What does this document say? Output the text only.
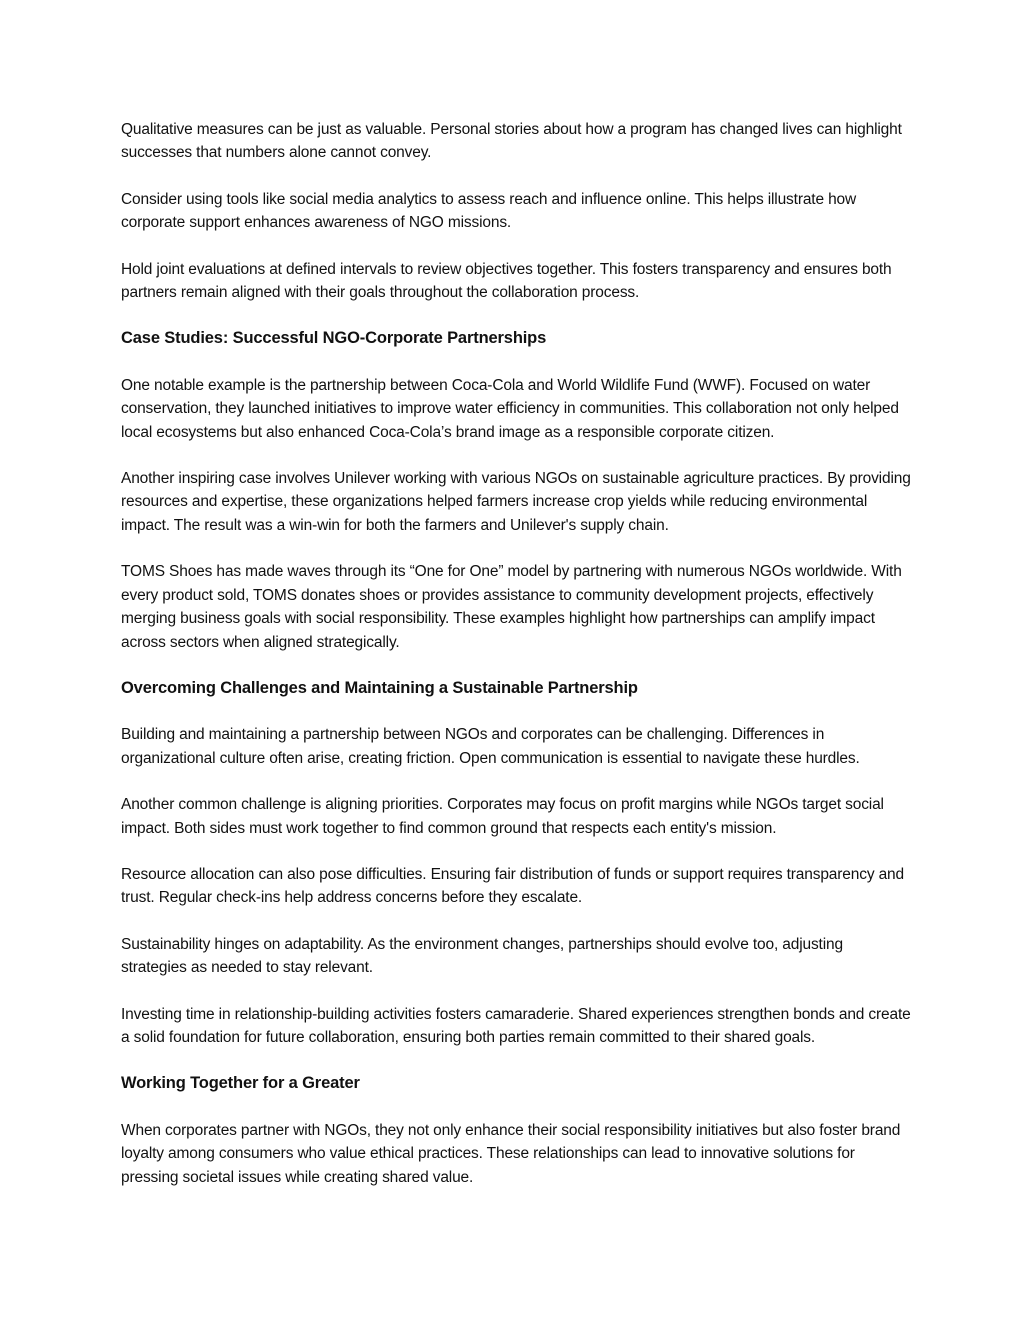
Qualitative measures can be just as valuable. Personal stories about how a program has changed lives can highlight successes that numbers alone cannot convey.

Consider using tools like social media analytics to assess reach and influence online. This helps illustrate how corporate support enhances awareness of NGO missions.

Hold joint evaluations at defined intervals to review objectives together. This fosters transparency and ensures both partners remain aligned with their goals throughout the collaboration process.

Case Studies: Successful NGO-Corporate Partnerships

One notable example is the partnership between Coca-Cola and World Wildlife Fund (WWF). Focused on water conservation, they launched initiatives to improve water efficiency in communities. This collaboration not only helped local ecosystems but also enhanced Coca-Cola’s brand image as a responsible corporate citizen.

Another inspiring case involves Unilever working with various NGOs on sustainable agriculture practices. By providing resources and expertise, these organizations helped farmers increase crop yields while reducing environmental impact. The result was a win-win for both the farmers and Unilever's supply chain.

TOMS Shoes has made waves through its “One for One” model by partnering with numerous NGOs worldwide. With every product sold, TOMS donates shoes or provides assistance to community development projects, effectively merging business goals with social responsibility. These examples highlight how partnerships can amplify impact across sectors when aligned strategically.

Overcoming Challenges and Maintaining a Sustainable Partnership

Building and maintaining a partnership between NGOs and corporates can be challenging. Differences in organizational culture often arise, creating friction. Open communication is essential to navigate these hurdles.

Another common challenge is aligning priorities. Corporates may focus on profit margins while NGOs target social impact. Both sides must work together to find common ground that respects each entity's mission.

Resource allocation can also pose difficulties. Ensuring fair distribution of funds or support requires transparency and trust. Regular check-ins help address concerns before they escalate.

Sustainability hinges on adaptability. As the environment changes, partnerships should evolve too, adjusting strategies as needed to stay relevant.

Investing time in relationship-building activities fosters camaraderie. Shared experiences strengthen bonds and create a solid foundation for future collaboration, ensuring both parties remain committed to their shared goals.

Working Together for a Greater

When corporates partner with NGOs, they not only enhance their social responsibility initiatives but also foster brand loyalty among consumers who value ethical practices. These relationships can lead to innovative solutions for pressing societal issues while creating shared value.
